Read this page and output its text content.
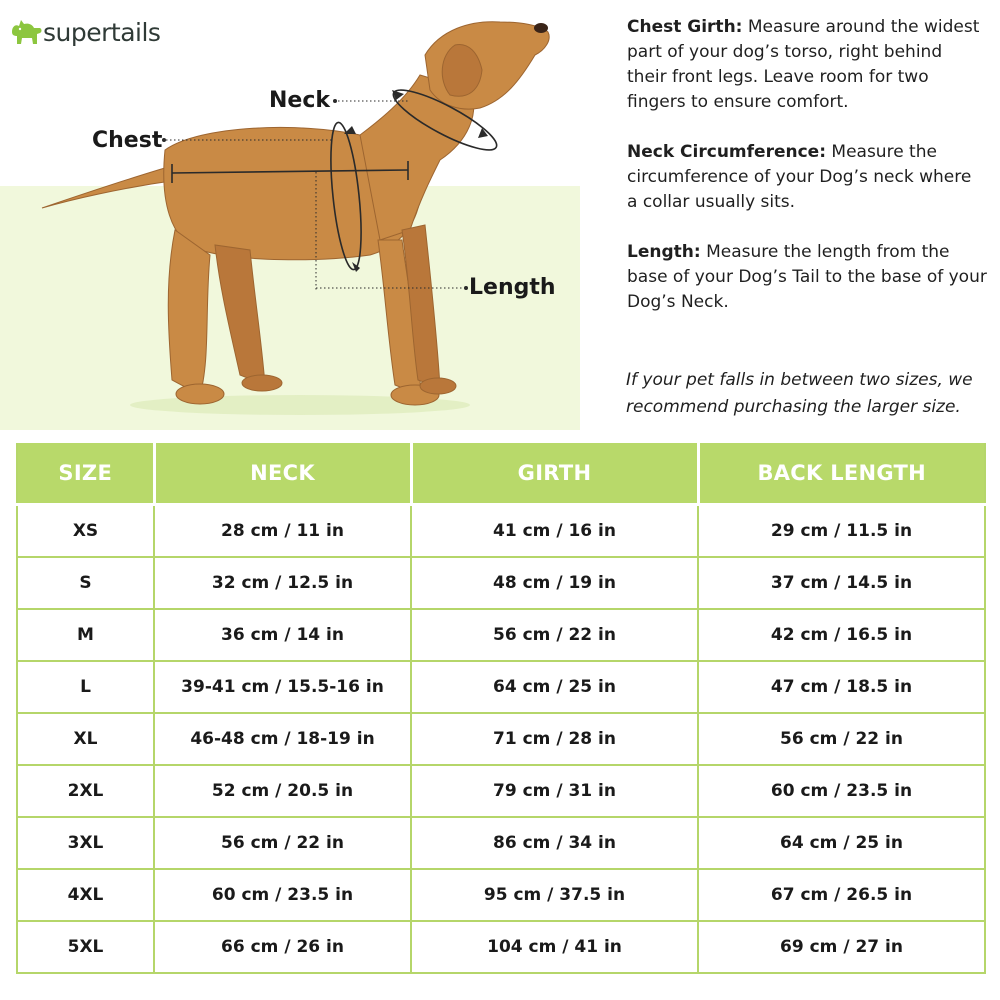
Neck
Chest
Length
supertails	Chest Girth: Measure around the widest part of your dog’s torso, right behind their front legs. Leave room for two fingers to ensure comfort.
Neck Circumference: Measure the circumference of your Dog’s neck where a collar usually sits.
Length: Measure the length from the base of your Dog’s Tail to the base of your Dog’s Neck.
If your pet falls in between two sizes, we recommend purchasing the larger size.
SIZE	NECK	GIRTH	BACK LENGTH
XS	28 cm / 11 in	41 cm / 16 in	29 cm / 11.5 in
S	32 cm / 12.5 in	48 cm / 19 in	37 cm / 14.5 in
M	36 cm / 14 in	56 cm / 22 in	42 cm / 16.5 in
L	39-41 cm / 15.5-16 in	64 cm / 25 in	47 cm / 18.5 in
XL	46-48 cm / 18-19 in	71 cm / 28 in	56 cm / 22 in
2XL	52 cm / 20.5 in	79 cm / 31 in	60 cm / 23.5 in
3XL	56 cm / 22 in	86 cm / 34 in	64 cm / 25 in
4XL	60 cm / 23.5 in	95 cm / 37.5 in	67 cm / 26.5 in
5XL	66 cm / 26 in	104 cm / 41 in	69 cm / 27 in
